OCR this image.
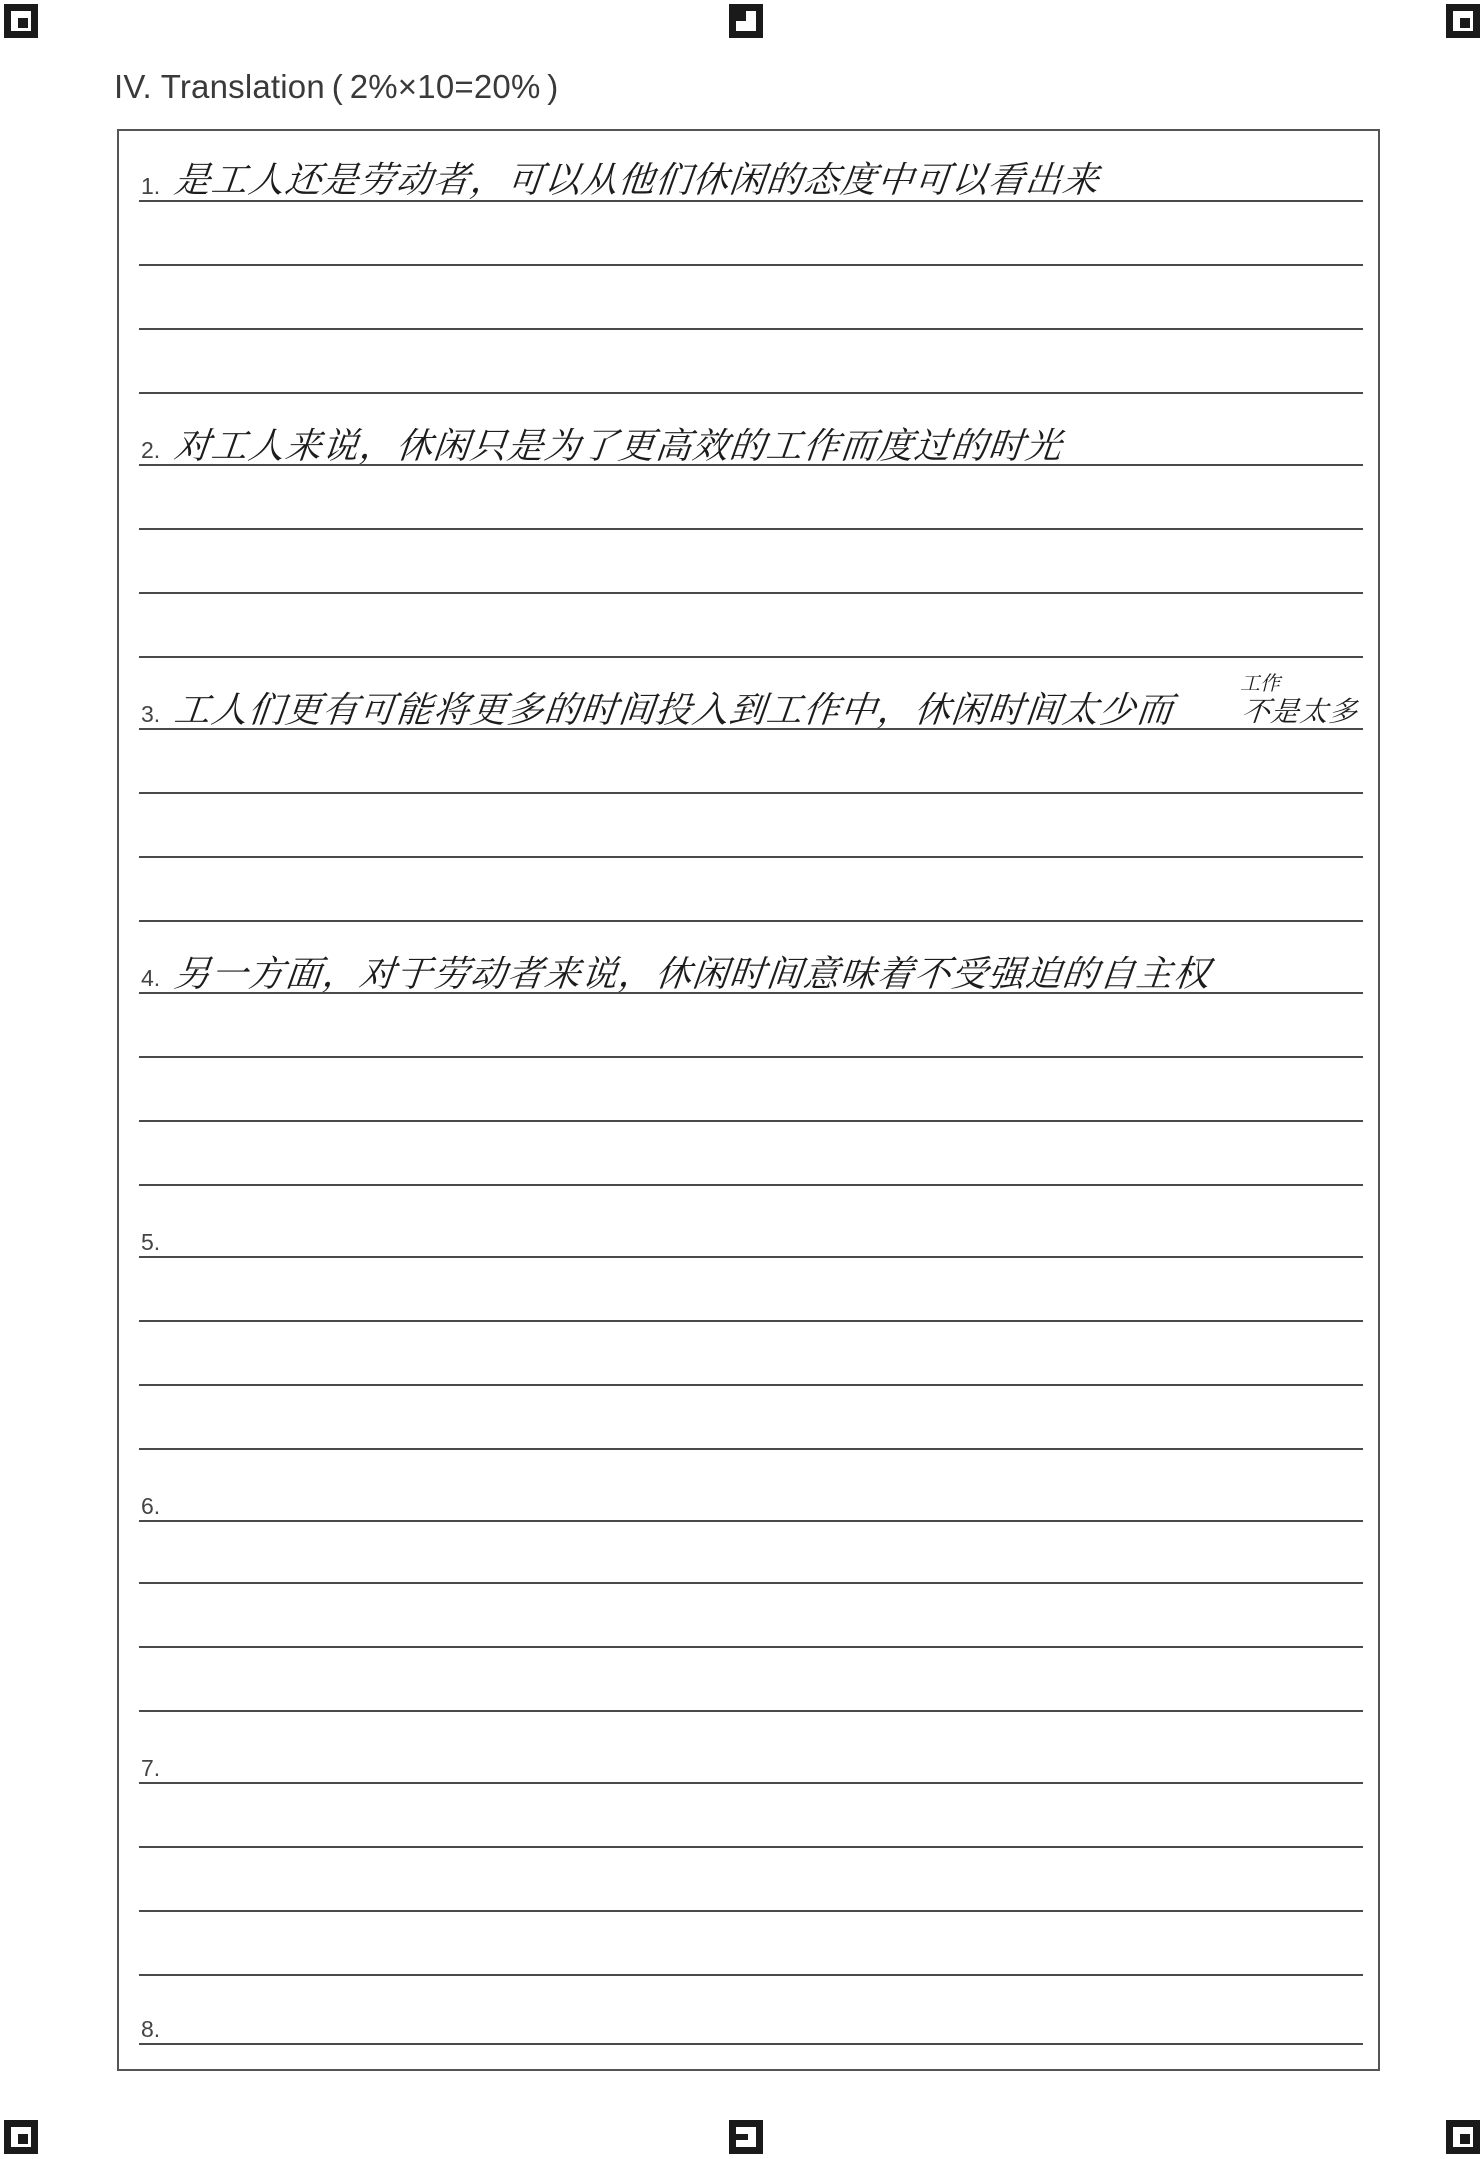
IV. Translation ( 2%×10=20% )
1. 是工人还是劳动者，可以从他们休闲的态度中可以看出来
2. 对工人来说，休闲只是为了更高效的工作而度过的时光
3. 工人们更有可能将更多的时间投入到工作中，休闲时间太少而
工作
不是太多
4. 另一方面，对于劳动者来说，休闲时间意味着不受强迫的自主权
5.
6.
7.
8.
